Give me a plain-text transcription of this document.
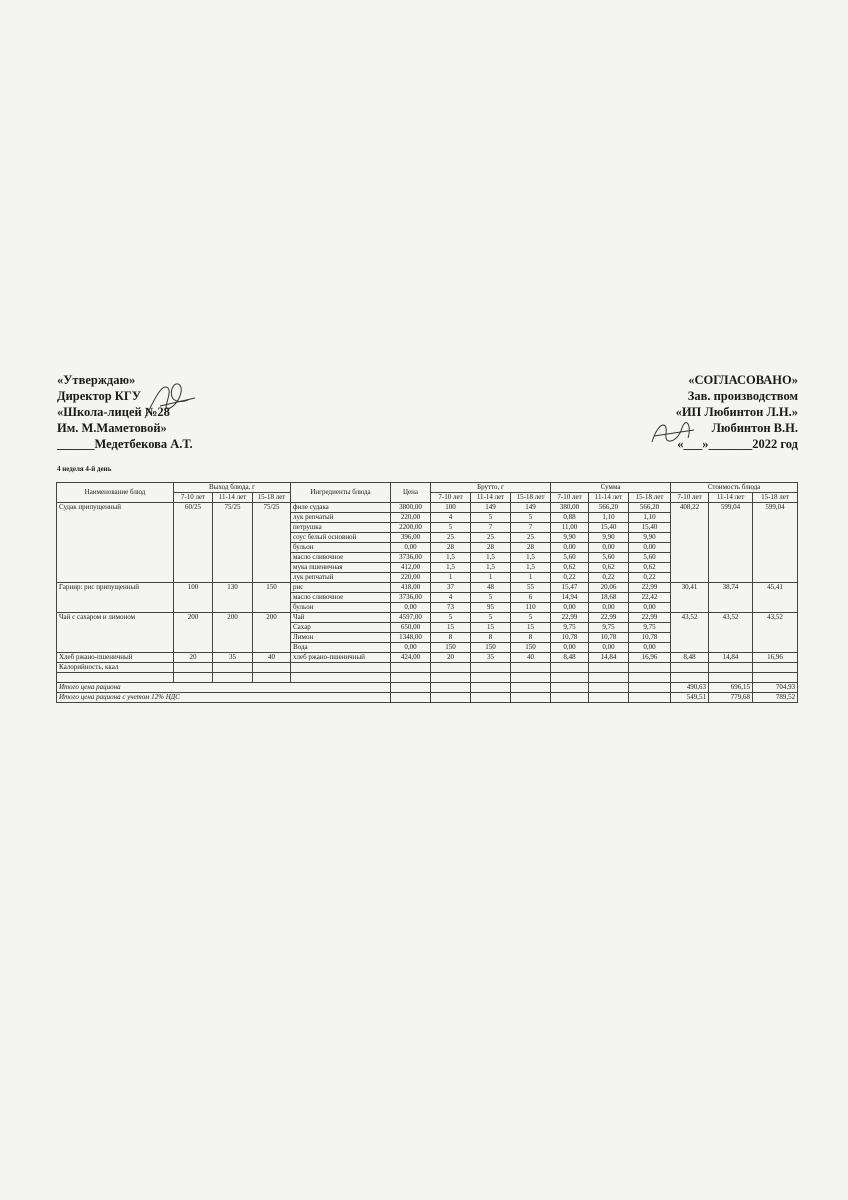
«Утверждаю»
Директор КГУ
«Школа-лицей №28
Им. М.Маметовой»
______Медетбекова А.Т.
«СОГЛАСОВАНО»
Зав. производством
«ИП Любинтон Л.Н.»
Любинтон В.Н.
«___»_______2022 год
4 неделя 4-й день
Наименование блюд	Выход блюда, г			Ингредиенты блюда	Цена	Брутто, г			Сумма			Стоимость блюда		
	7-10 лет	11-14 лет	15-18 лет			7-10 лет	11-14 лет	15-18 лет	7-10 лет	11-14 лет	15-18 лет	7-10 лет	11-14 лет	15-18 лет
Судак припущенный	60/25	75/25	75/25	филе судака	3800,00	100	149	149	380,00	566,20	566,20	408,22	599,04	599,04
				лук репчатый	220,00	4	5	5	0,88	1,10	1,10			
				петрушка	2200,00	5	7	7	11,00	15,40	15,40			
				соус белый основной	396,00	25	25	25	9,90	9,90	9,90			
				бульон	0,00	28	28	28	0,00	0,00	0,00			
				масло сливочное	3736,00	1,5	1,5	1,5	5,60	5,60	5,60			
				мука пшеничная	412,00	1,5	1,5	1,5	0,62	0,62	0,62			
				лук репчатый	220,00	1	1	1	0,22	0,22	0,22			
Гарнир: рис припущенный	100	130	150	рис	418,00	37	48	55	15,47	20,06	22,99	30,41	38,74	45,41
				масло сливочное	3736,00	4	5	6	14,94	18,68	22,42			
				бульон	0,00	73	95	110	0,00	0,00	0,00			
Чай с сахаром и лимоном	200	200	200	Чай	4597,00	5	5	5	22,99	22,99	22,99	43,52	43,52	43,52
				Сахар	650,00	15	15	15	9,75	9,75	9,75			
				Лимон	1348,00	8	8	8	10,78	10,78	10,78			
				Вода	0,00	150	150	150	0,00	0,00	0,00			
Хлеб ржано-пшеничный	20	35	40	хлеб ржано-пшеничный	424,00	20	35	40	8,48	14,84	16,96	8,48	14,84	16,96
Калорийность, ккал														

Итого цена рациона												490,63	696,15	704,93
Итого цена рациона с учетом 12% НДС												549,51	779,68	789,52
